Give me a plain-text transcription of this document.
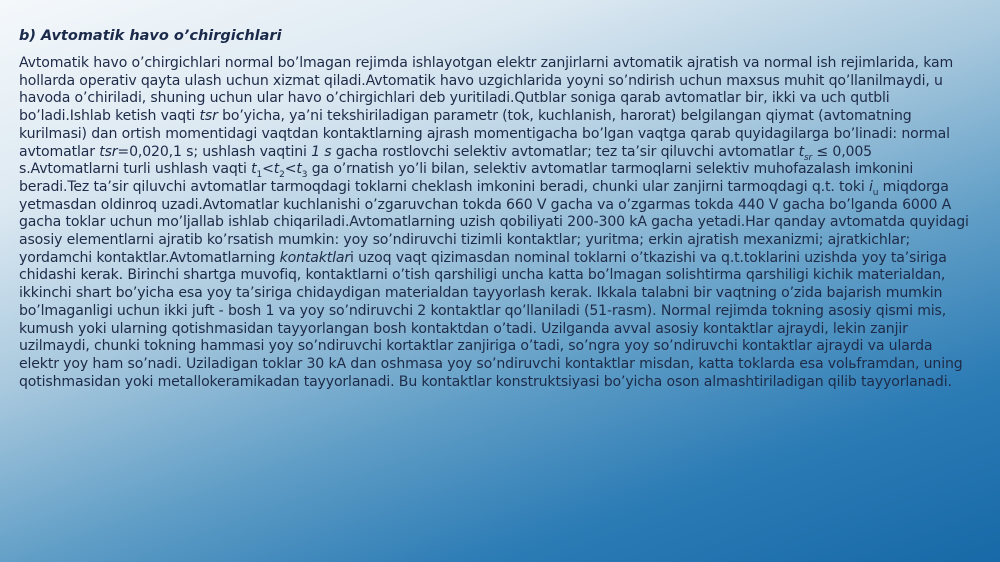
b) Avtomatik havo o’chirgichlari

Avtomatik havo o’chirgichlari normal bo’lmagan rejimda ishlayotgan elektr zanjirlarni avtomatik ajratish va normal ish rejimlarida, kam hollarda operativ qayta ulash uchun xizmat qiladi.Avtomatik havo uzgichlarida yoyni so’ndirish uchun maxsus muhit qo’llanilmaydi, u havoda o’chiriladi, shuning uchun ular havo o’chirgichlari deb yuritiladi.Qutblar soniga qarab avtomatlar bir, ikki va uch qutbli bo’ladi.Ishlab ketish vaqti tsr bo’yicha, ya’ni tekshiriladigan parametr (tok, kuchlanish, harorat) belgilangan qiymat (avtomatning kurilmasi) dan ortish momentidagi vaqtdan kontaktlarning ajrash momentigacha bo’lgan vaqtga qarab quyidagilarga bo’linadi: normal avtomatlar tsr=0,020,1 s; ushlash vaqtini 1 s gacha rostlovchi selektiv avtomatlar; tez ta’sir qiluvchi avtomatlar $t_{sr} \le 0,005$ s.Avtomatlarni turli ushlash vaqti $t_1<t_2<t_3$ ga o’rnatish yo’li bilan, selektiv avtomatlar tarmoqlarni selektiv muhofazalash imkonini beradi.Tez ta’sir qiluvchi avtomatlar tarmoqdagi toklarni cheklash imkonini beradi, chunki ular zanjirni tarmoqdagi q.t. toki $i_u$ miqdorga yetmasdan oldinroq uzadi.Avtomatlar kuchlanishi o’zgaruvchan tokda 660 V gacha va o’zgarmas tokda 440 V gacha bo’lganda 6000 A gacha toklar uchun mo’ljallab ishlab chiqariladi.Avtomatlarning uzish qobiliyati 200-300 kA gacha yetadi.Har qanday avtomatda quyidagi asosiy elementlarni ajratib ko’rsatish mumkin: yoy so’ndiruvchi tizimli kontaktlar; yuritma; erkin ajratish mexanizmi; ajratkichlar; yordamchi kontaktlar.Avtomatlarning kontaktlari uzoq vaqt qizimasdan nominal toklarni o’tkazishi va q.t.toklarini uzishda yoy ta’siriga chidashi kerak. Birinchi shartga muvofiq, kontaktlarni o’tish qarshiligi uncha katta bo’lmagan solishtirma qarshiligi kichik materialdan, ikkinchi shart bo’yicha esa yoy ta’siriga chidaydigan materialdan tayyorlash kerak. Ikkala talabni bir vaqtning o’zida bajarish mumkin bo’lmaganligi uchun ikki juft - bosh 1 va yoy so’ndiruvchi 2 kontaktlar qo’llaniladi (51-rasm). Normal rejimda tokning asosiy qismi mis, kumush yoki ularning qotishmasidan tayyorlangan bosh kontaktdan o’tadi. Uzilganda avval asosiy kontaktlar ajraydi, lekin zanjir uzilmaydi, chunki tokning hammasi yoy so’ndiruvchi kortaktlar zanjiriga o’tadi, so’ngra yoy so’ndiruvchi kontaktlar ajraydi va ularda elektr yoy ham so’nadi. Uziladigan toklar 30 kA dan oshmasa yoy so’ndiruvchi kontaktlar misdan, katta toklarda esa volьframdan, uning qotishmasidan yoki metallokeramikadan tayyorlanadi. Bu kontaktlar konstruktsiyasi bo’yicha oson almashtiriladigan qilib tayyorlanadi.
